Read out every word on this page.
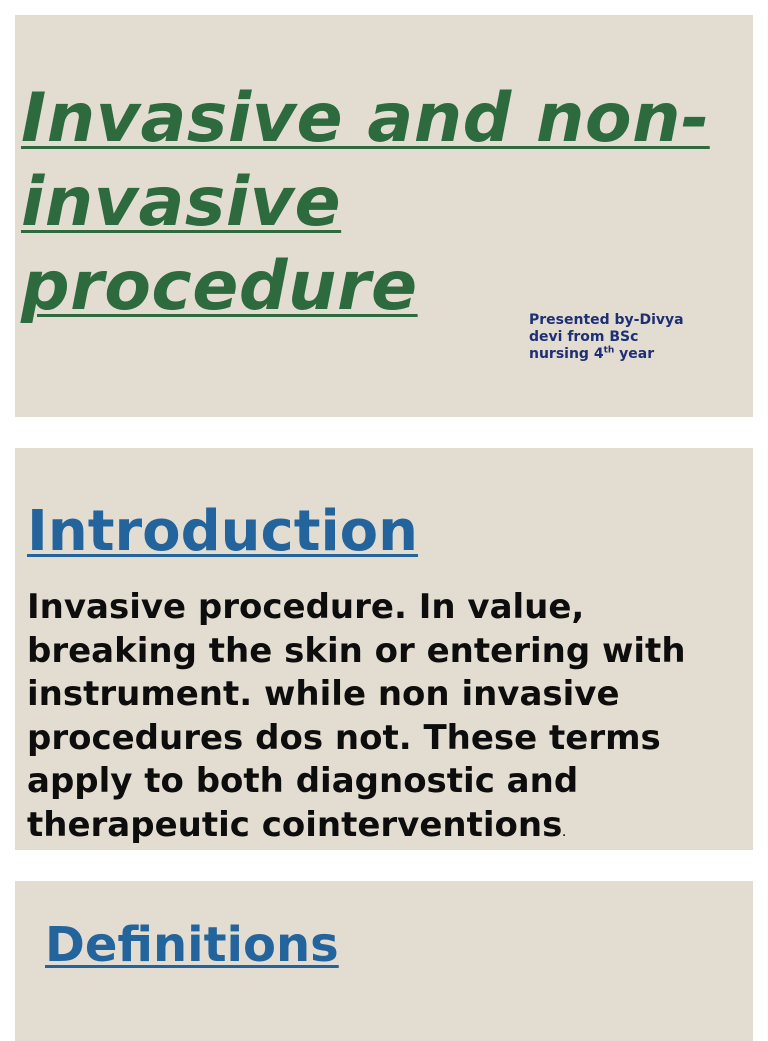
Invasive and non-invasive procedure	Presented by-Divya
devi from BSc
nursing 4th year
Introduction

Invasive procedure. In value, breaking the skin or entering with instrument. while non invasive procedures dos not. These terms apply to both diagnostic and therapeutic cointerventions.

Definitions
